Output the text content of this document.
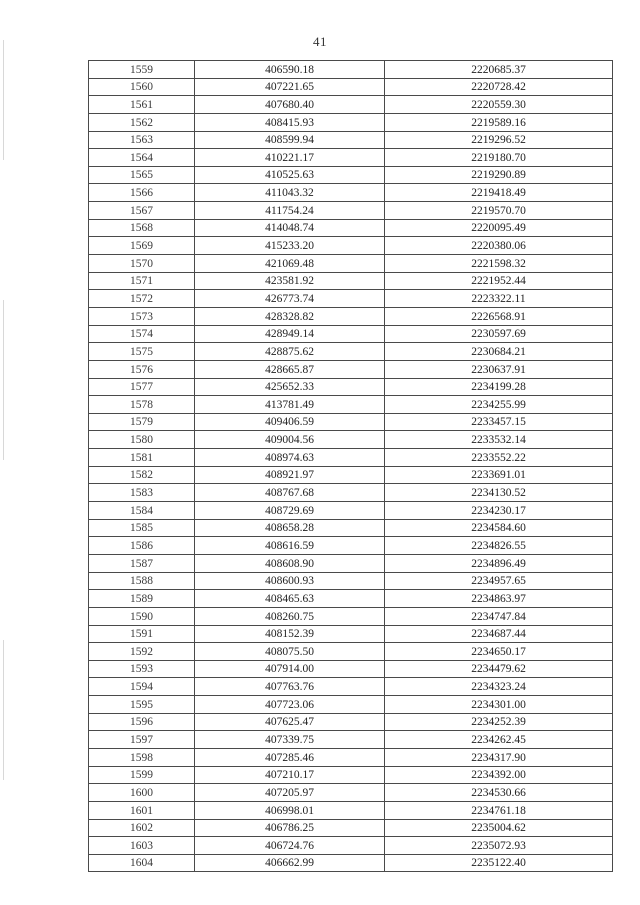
41
1559	406590.18	2220685.37
1560	407221.65	2220728.42
1561	407680.40	2220559.30
1562	408415.93	2219589.16
1563	408599.94	2219296.52
1564	410221.17	2219180.70
1565	410525.63	2219290.89
1566	411043.32	2219418.49
1567	411754.24	2219570.70
1568	414048.74	2220095.49
1569	415233.20	2220380.06
1570	421069.48	2221598.32
1571	423581.92	2221952.44
1572	426773.74	2223322.11
1573	428328.82	2226568.91
1574	428949.14	2230597.69
1575	428875.62	2230684.21
1576	428665.87	2230637.91
1577	425652.33	2234199.28
1578	413781.49	2234255.99
1579	409406.59	2233457.15
1580	409004.56	2233532.14
1581	408974.63	2233552.22
1582	408921.97	2233691.01
1583	408767.68	2234130.52
1584	408729.69	2234230.17
1585	408658.28	2234584.60
1586	408616.59	2234826.55
1587	408608.90	2234896.49
1588	408600.93	2234957.65
1589	408465.63	2234863.97
1590	408260.75	2234747.84
1591	408152.39	2234687.44
1592	408075.50	2234650.17
1593	407914.00	2234479.62
1594	407763.76	2234323.24
1595	407723.06	2234301.00
1596	407625.47	2234252.39
1597	407339.75	2234262.45
1598	407285.46	2234317.90
1599	407210.17	2234392.00
1600	407205.97	2234530.66
1601	406998.01	2234761.18
1602	406786.25	2235004.62
1603	406724.76	2235072.93
1604	406662.99	2235122.40
